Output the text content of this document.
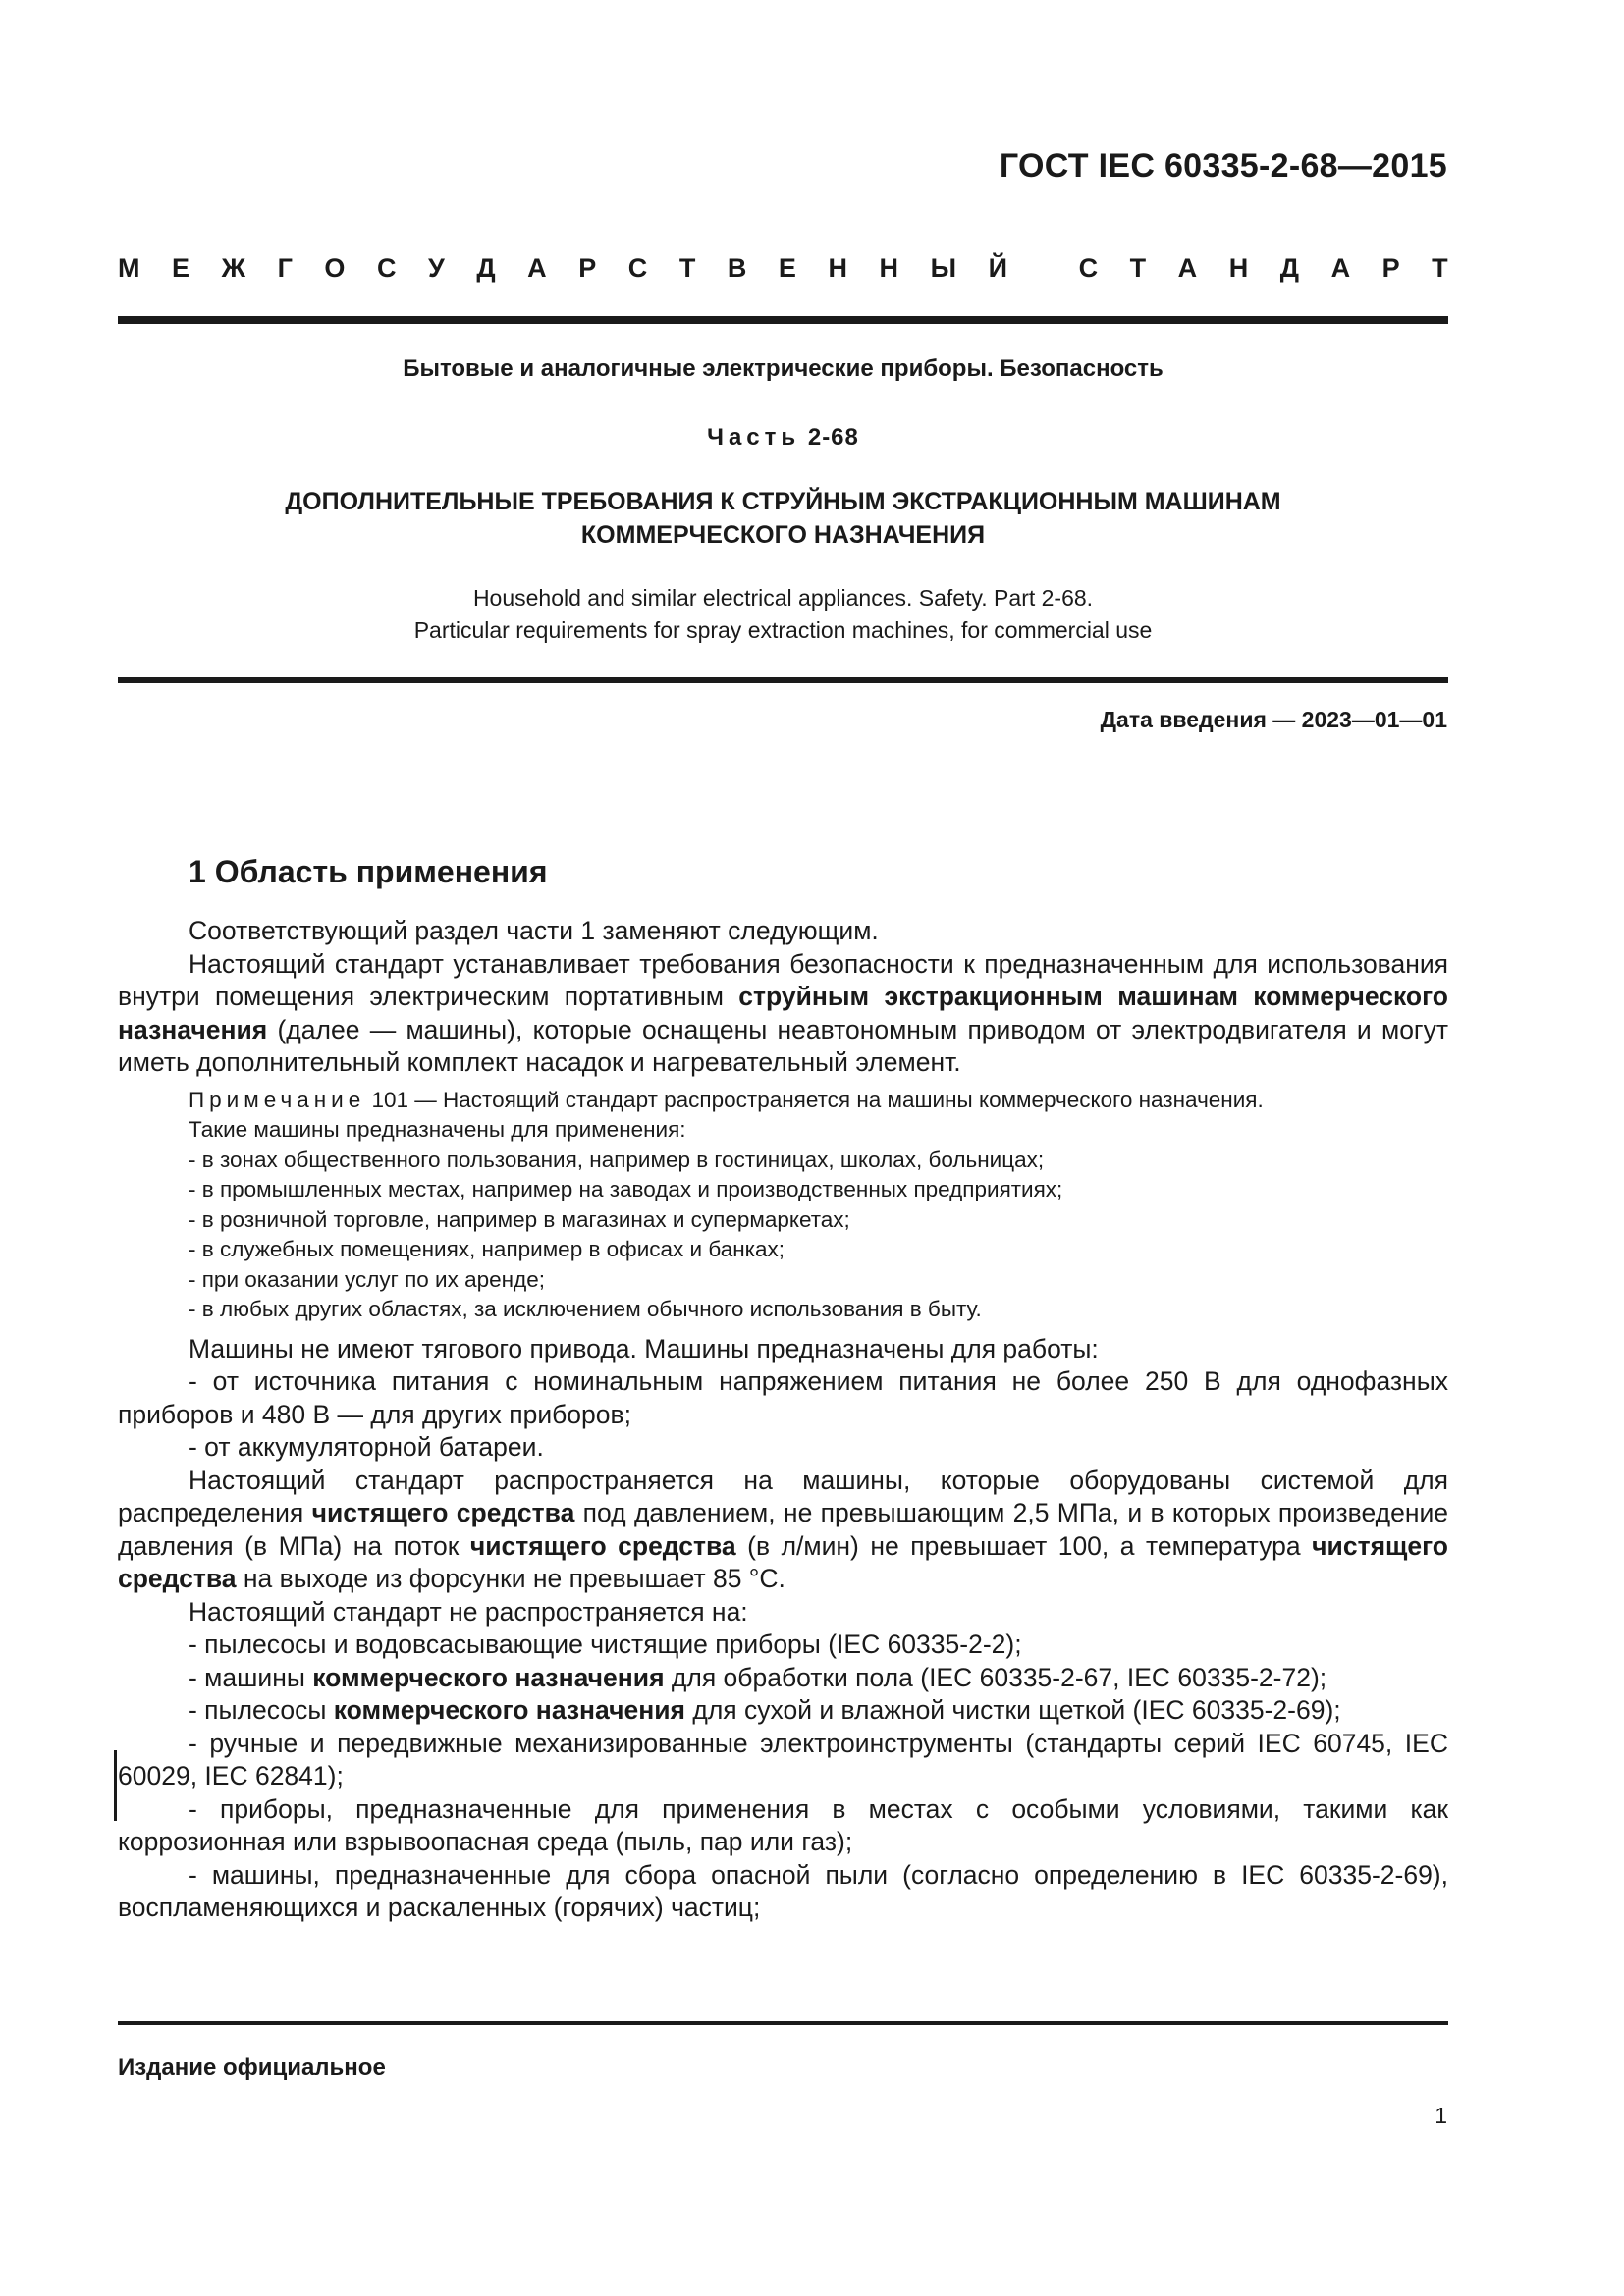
ГОСТ IEC 60335-2-68—2015
М Е Ж Г О С У Д А Р С Т В Е Н Н Ы Й
	С Т А Н Д А Р Т
Бытовые и аналогичные электрические приборы. Безопасность
Часть 2-68
ДОПОЛНИТЕЛЬНЫЕ ТРЕБОВАНИЯ К СТРУЙНЫМ ЭКСТРАКЦИОННЫМ МАШИНАМ
КОММЕРЧЕСКОГО НАЗНАЧЕНИЯ
Household and similar electrical appliances. Safety. Part 2-68.
Particular requirements for spray extraction machines, for commercial use
Дата введения — 2023—01—01
1 Область применения

Соответствующий раздел части 1 заменяют следующим.

Настоящий стандарт устанавливает требования безопасности к предназначенным для использования внутри помещения электрическим портативным струйным экстракционным машинам коммерческого назначения (далее — машины), которые оснащены неавтономным приводом от электродвигателя и могут иметь дополнительный комплект насадок и нагревательный элемент.

Примечание 101 — Настоящий стандарт распространяется на машины коммерческого назначения.
Такие машины предназначены для применения:
- в зонах общественного пользования, например в гостиницах, школах, больницах;
- в промышленных местах, например на заводах и производственных предприятиях;
- в розничной торговле, например в магазинах и супермаркетах;
- в служебных помещениях, например в офисах и банках;
- при оказании услуг по их аренде;
- в любых других областях, за исключением обычного использования в быту.

Машины не имеют тягового привода. Машины предназначены для работы:

- от источника питания с номинальным напряжением питания не более 250 В для однофазных приборов и 480 В — для других приборов;

- от аккумуляторной батареи.

Настоящий стандарт распространяется на машины, которые оборудованы системой для распределения чистящего средства под давлением, не превышающим 2,5 МПа, и в которых произведение давления (в МПа) на поток чистящего средства (в л/мин) не превышает 100, а температура чистящего средства на выходе из форсунки не превышает 85 °С.

Настоящий стандарт не распространяется на:

- пылесосы и водовсасывающие чистящие приборы (IEC 60335-2-2);

- машины коммерческого назначения для обработки пола (IEC 60335-2-67, IEC 60335-2-72);

- пылесосы коммерческого назначения для сухой и влажной чистки щеткой (IEC 60335-2-69);

- ручные и передвижные механизированные электроинструменты (стандарты серий IEC 60745, IEC 60029, IEC 62841);

- приборы, предназначенные для применения в местах с особыми условиями, такими как коррозионная или взрывоопасная среда (пыль, пар или газ);

- машины, предназначенные для сбора опасной пыли (согласно определению в IEC 60335-2-69), воспламеняющихся и раскаленных (горячих) частиц;

Издание официальное
1
